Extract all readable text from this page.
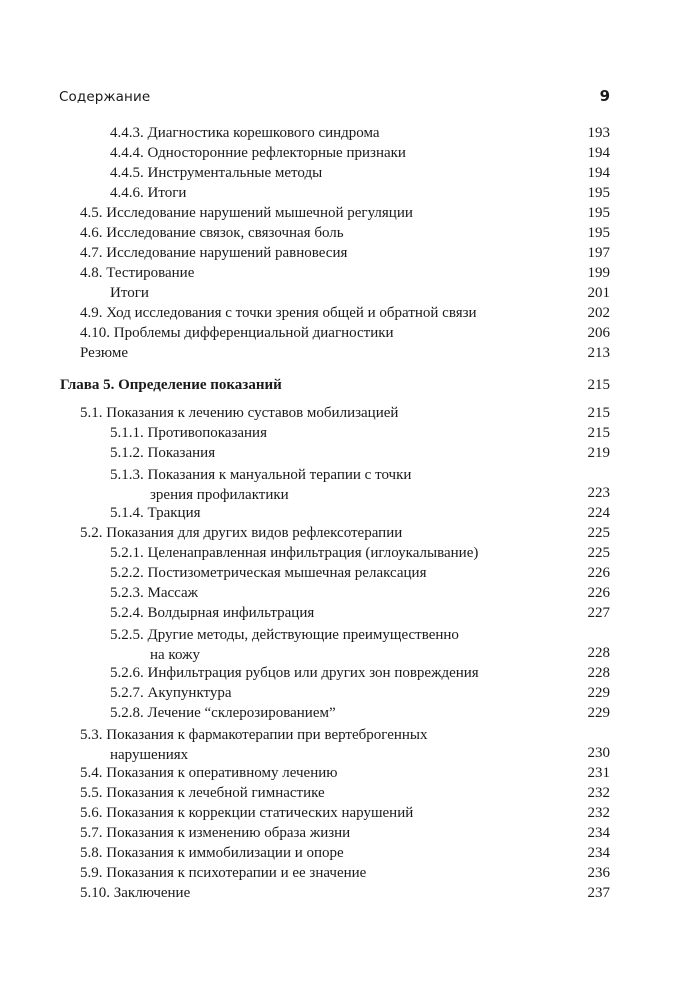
Содержание	9
4.4.3. Диагностика корешкового синдрома	193
4.4.4. Односторонние рефлекторные признаки	194
4.4.5. Инструментальные методы	194
4.4.6. Итоги	195
4.5. Исследование нарушений мышечной регуляции	195
4.6. Исследование связок, связочная боль	195
4.7. Исследование нарушений равновесия	197
4.8. Тестирование	199
Итоги	201
4.9. Ход исследования с точки зрения общей и обратной связи	202
4.10. Проблемы дифференциальной диагностики	206
Резюме	213
Глава 5. Определение показаний	215
5.1. Показания к лечению суставов мобилизацией	215
5.1.1. Противопоказания	215
5.1.2. Показания	219
5.1.3. Показания к мануальной терапии с точки
зрения профилактики	223
5.1.4. Тракция	224
5.2. Показания для других видов рефлексотерапии	225
5.2.1. Целенаправленная инфильтрация (иглоукалывание)	225
5.2.2. Постизометрическая мышечная релаксация	226
5.2.3. Массаж	226
5.2.4. Волдырная инфильтрация	227
5.2.5. Другие методы, действующие преимущественно
на кожу	228
5.2.6. Инфильтрация рубцов или других зон повреждения	228
5.2.7. Акупунктура	229
5.2.8. Лечение “склерозированием”	229
5.3. Показания к фармакотерапии при вертеброгенных
нарушениях	230
5.4. Показания к оперативному лечению	231
5.5. Показания к лечебной гимнастике	232
5.6. Показания к коррекции статических нарушений	232
5.7. Показания к изменению образа жизни	234
5.8. Показания к иммобилизации и опоре	234
5.9. Показания к психотерапии и ее значение	236
5.10. Заключение	237
